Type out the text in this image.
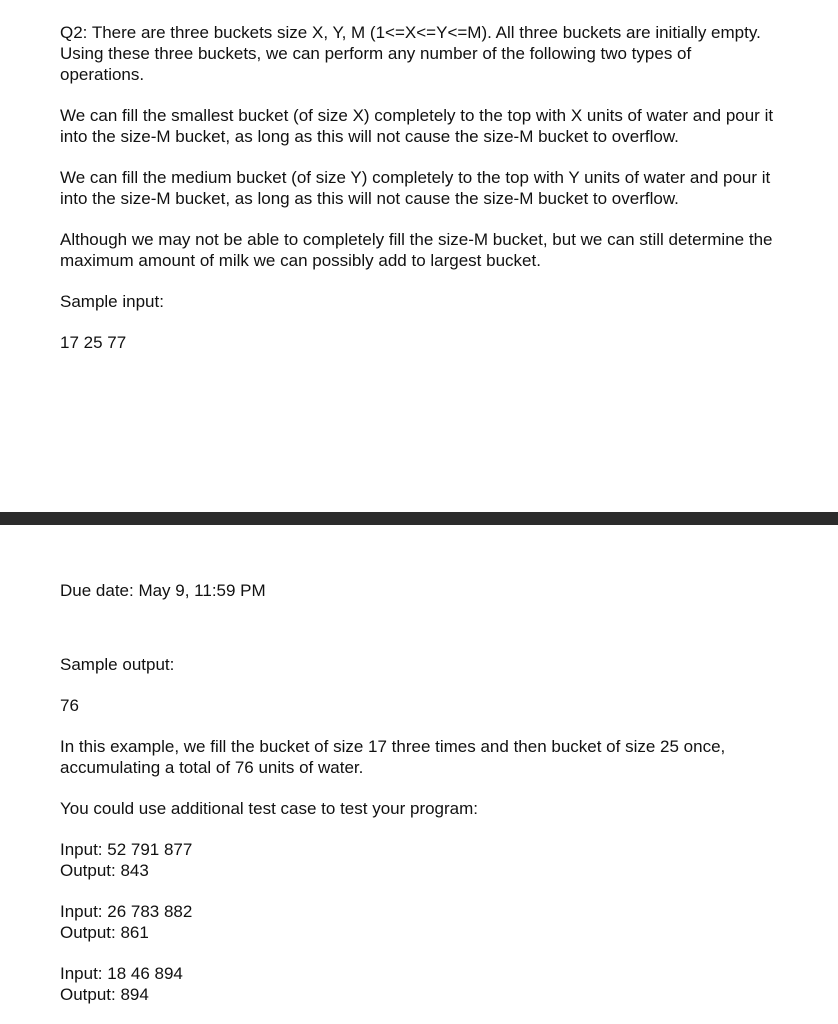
Q2: There are three buckets size X, Y, M (1<=X<=Y<=M). All three buckets are initially empty. Using these three buckets, we can perform any number of the following two types of operations.

We can fill the smallest bucket (of size X) completely to the top with X units of water and pour it into the size-M bucket, as long as this will not cause the size-M bucket to overflow.

We can fill the medium bucket (of size Y) completely to the top with Y units of water and pour it into the size-M bucket, as long as this will not cause the size-M bucket to overflow.

Although we may not be able to completely fill the size-M bucket, but we can still determine the maximum amount of milk we can possibly add to largest bucket.

Sample input:

17 25 77

Due date: May 9, 11:59 PM

Sample output:

76

In this example, we fill the bucket of size 17 three times and then bucket of size 25 once, accumulating a total of 76 units of water.

You could use additional test case to test your program:

Input: 52 791 877
Output: 843
Input: 26 783 882
Output: 861
Input: 18 46 894
Output: 894
